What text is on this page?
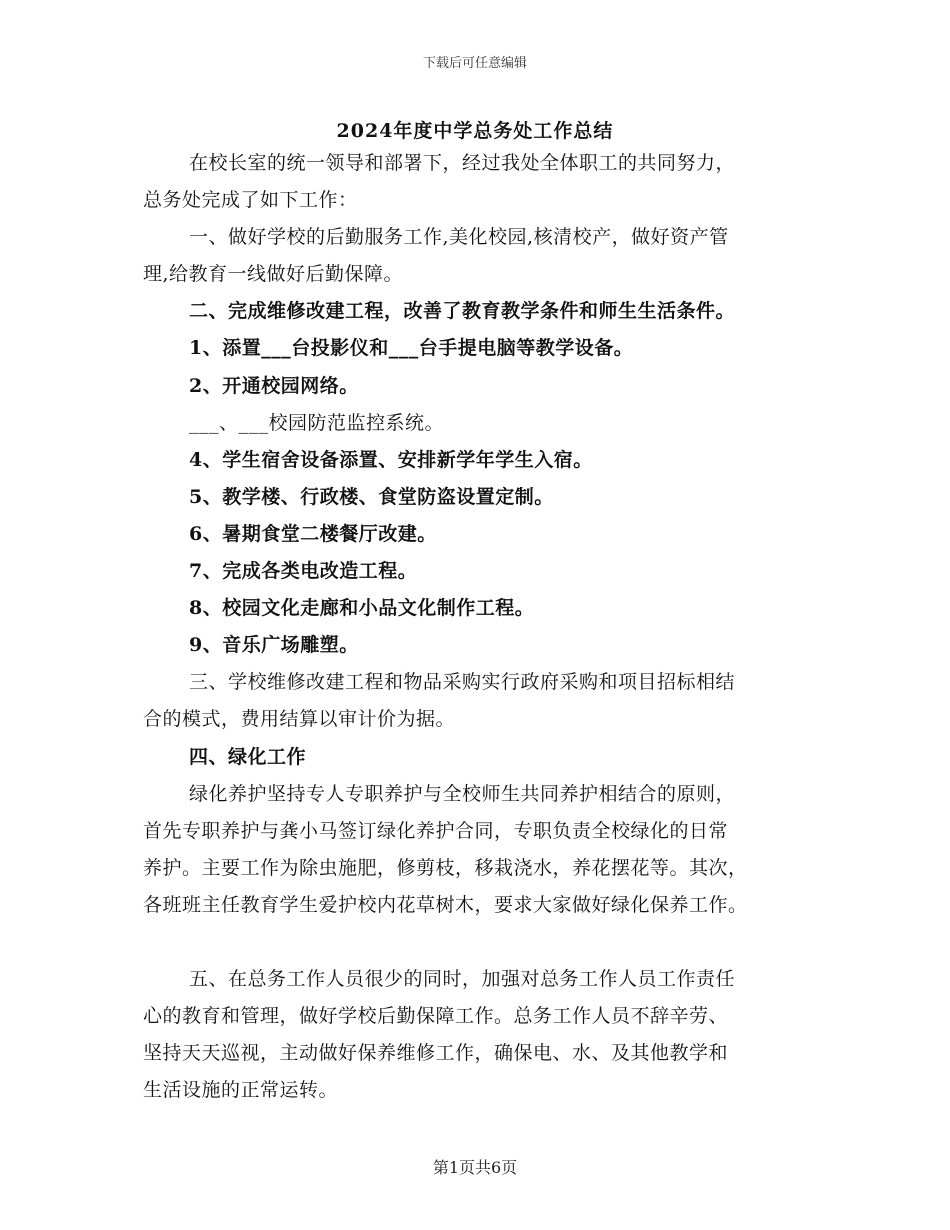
下载后可任意编辑
2024年度中学总务处工作总结
在校长室的统一领导和部署下，经过我处全体职工的共同努力，
总务处完成了如下工作：
一、做好学校的后勤服务工作,美化校园,核清校产，做好资产管
理,给教育一线做好后勤保障。
二、完成维修改建工程，改善了教育教学条件和师生生活条件。
1、添置___台投影仪和___台手提电脑等教学设备。
2、开通校园网络。
___、___校园防范监控系统。
4、学生宿舍设备添置、安排新学年学生入宿。
5、教学楼、行政楼、食堂防盗设置定制。
6、暑期食堂二楼餐厅改建。
7、完成各类电改造工程。
8、校园文化走廊和小品文化制作工程。
9、音乐广场雕塑。
三、学校维修改建工程和物品采购实行政府采购和项目招标相结
合的模式，费用结算以审计价为据。
四、绿化工作
绿化养护坚持专人专职养护与全校师生共同养护相结合的原则，
首先专职养护与龚小马签订绿化养护合同，专职负责全校绿化的日常
养护。主要工作为除虫施肥，修剪枝，移栽浇水，养花摆花等。其次，
各班班主任教育学生爱护校内花草树木，要求大家做好绿化保养工作。
五、在总务工作人员很少的同时，加强对总务工作人员工作责任
心的教育和管理，做好学校后勤保障工作。总务工作人员不辞辛劳、
坚持天天巡视，主动做好保养维修工作，确保电、水、及其他教学和
生活设施的正常运转。
第1页共6页
